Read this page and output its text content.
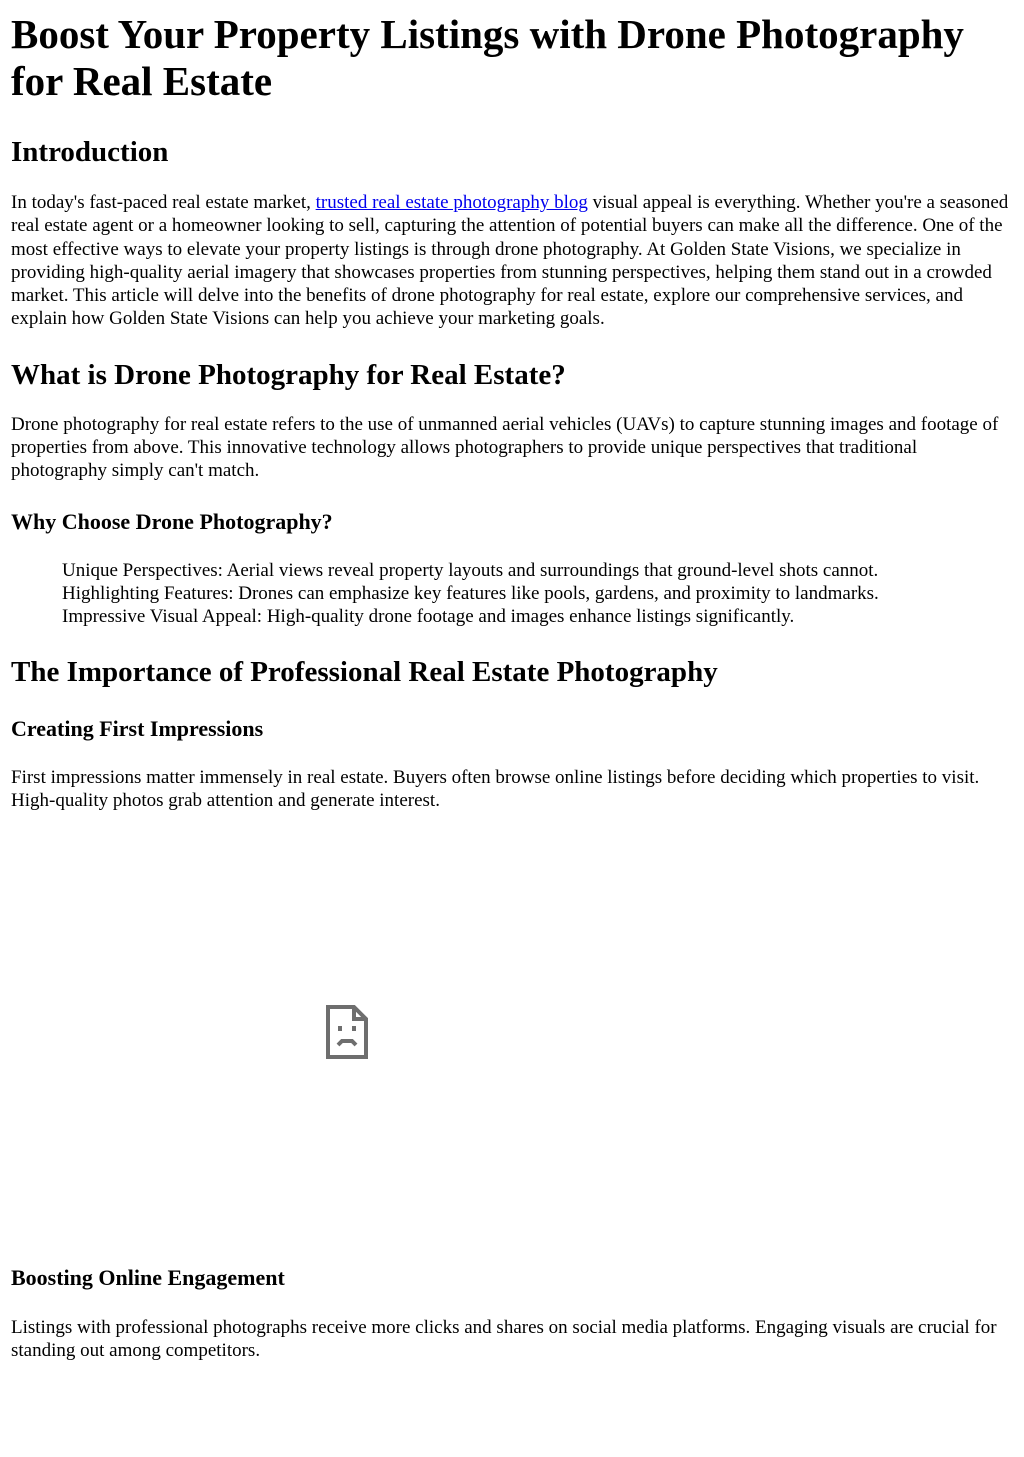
Boost Your Property Listings with Drone Photography for Real Estate
Introduction

In today's fast-paced real estate market, trusted real estate photography blog visual appeal is everything. Whether you're a seasoned real estate agent or a homeowner looking to sell, capturing the attention of potential buyers can make all the difference. One of the most effective ways to elevate your property listings is through drone photography. At Golden State Visions, we specialize in providing high-quality aerial imagery that showcases properties from stunning perspectives, helping them stand out in a crowded market. This article will delve into the benefits of drone photography for real estate, explore our comprehensive services, and explain how Golden State Visions can help you achieve your marketing goals.

What is Drone Photography for Real Estate?

Drone photography for real estate refers to the use of unmanned aerial vehicles (UAVs) to capture stunning images and footage of properties from above. This innovative technology allows photographers to provide unique perspectives that traditional photography simply can't match.

Why Choose Drone Photography?
Unique Perspectives: Aerial views reveal property layouts and surroundings that ground-level shots cannot.
Highlighting Features: Drones can emphasize key features like pools, gardens, and proximity to landmarks.
Impressive Visual Appeal: High-quality drone footage and images enhance listings significantly.
The Importance of Professional Real Estate Photography
Creating First Impressions

First impressions matter immensely in real estate. Buyers often browse online listings before deciding which properties to visit. High-quality photos grab attention and generate interest.

Boosting Online Engagement

Listings with professional photographs receive more clicks and shares on social media platforms. Engaging visuals are crucial for standing out among competitors.
